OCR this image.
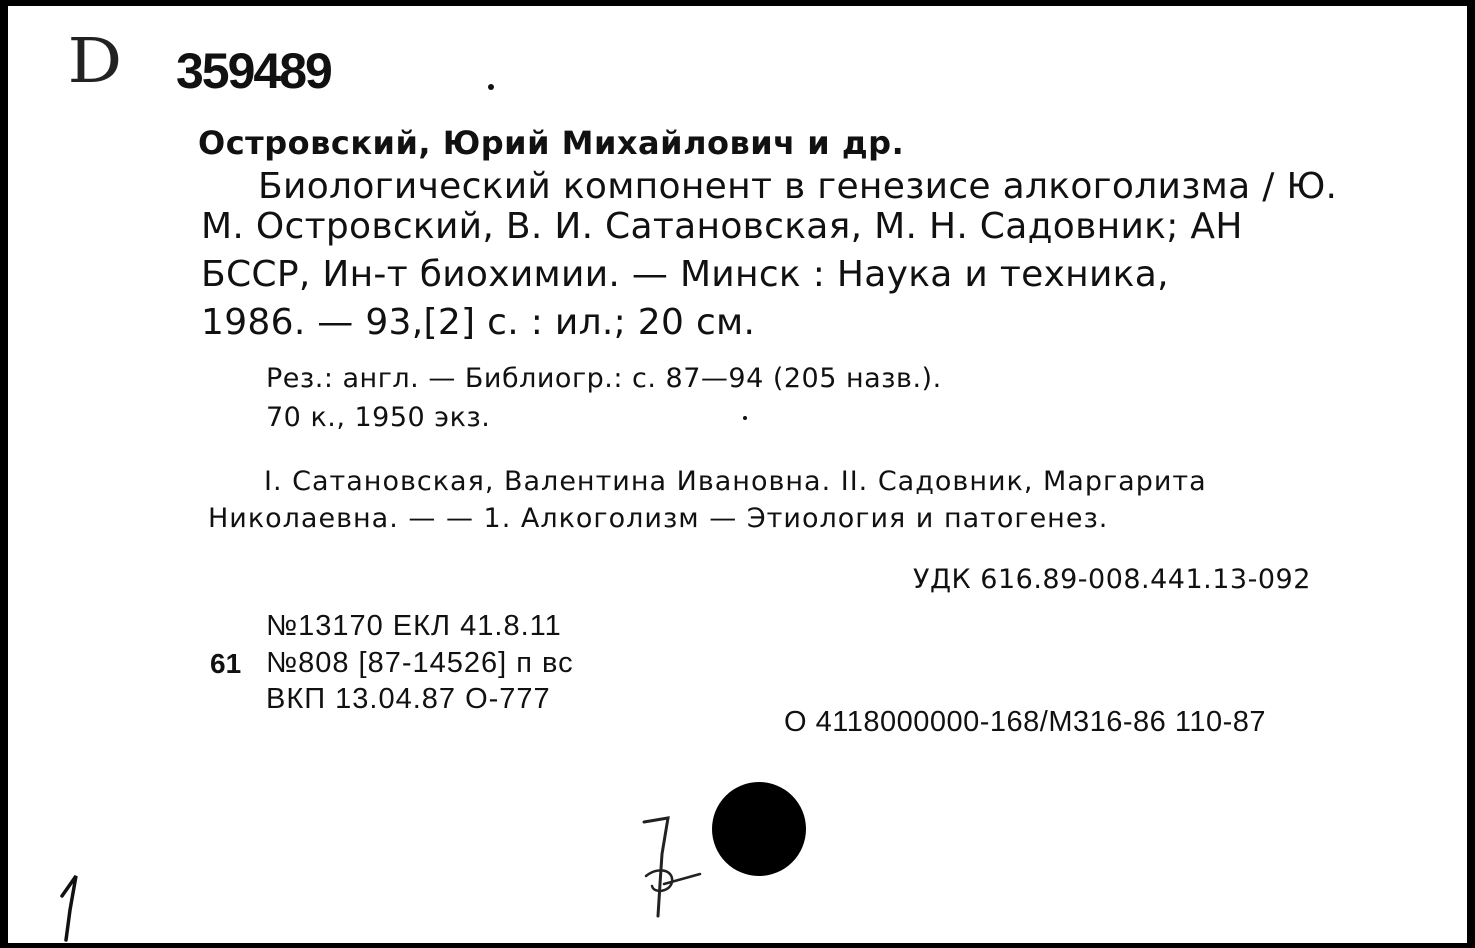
D 359489
Островский, Юрий Михайлович и др.
Биологический компонент в генезисе алкоголизма / Ю.
М. Островский, В. И. Сатановская, М. Н. Садовник; АН
БССР, Ин-т биохимии. — Минск : Наука и техника,
1986. — 93,[2] с. : ил.; 20 см.
Рез.: англ. — Библиогр.: с. 87—94 (205 назв.).
70 к., 1950 экз.
I. Сатановская, Валентина Ивановна. II. Садовник, Маргарита
Николаевна. — — 1. Алкоголизм — Этиология и патогенез.
УДК 616.89-008.441.13-092
61
№13170 ЕКЛ 41.8.11
№808 [87-14526] п вс
ВКП 13.04.87 О-777
О 4118000000-168/М316-86 110-87
